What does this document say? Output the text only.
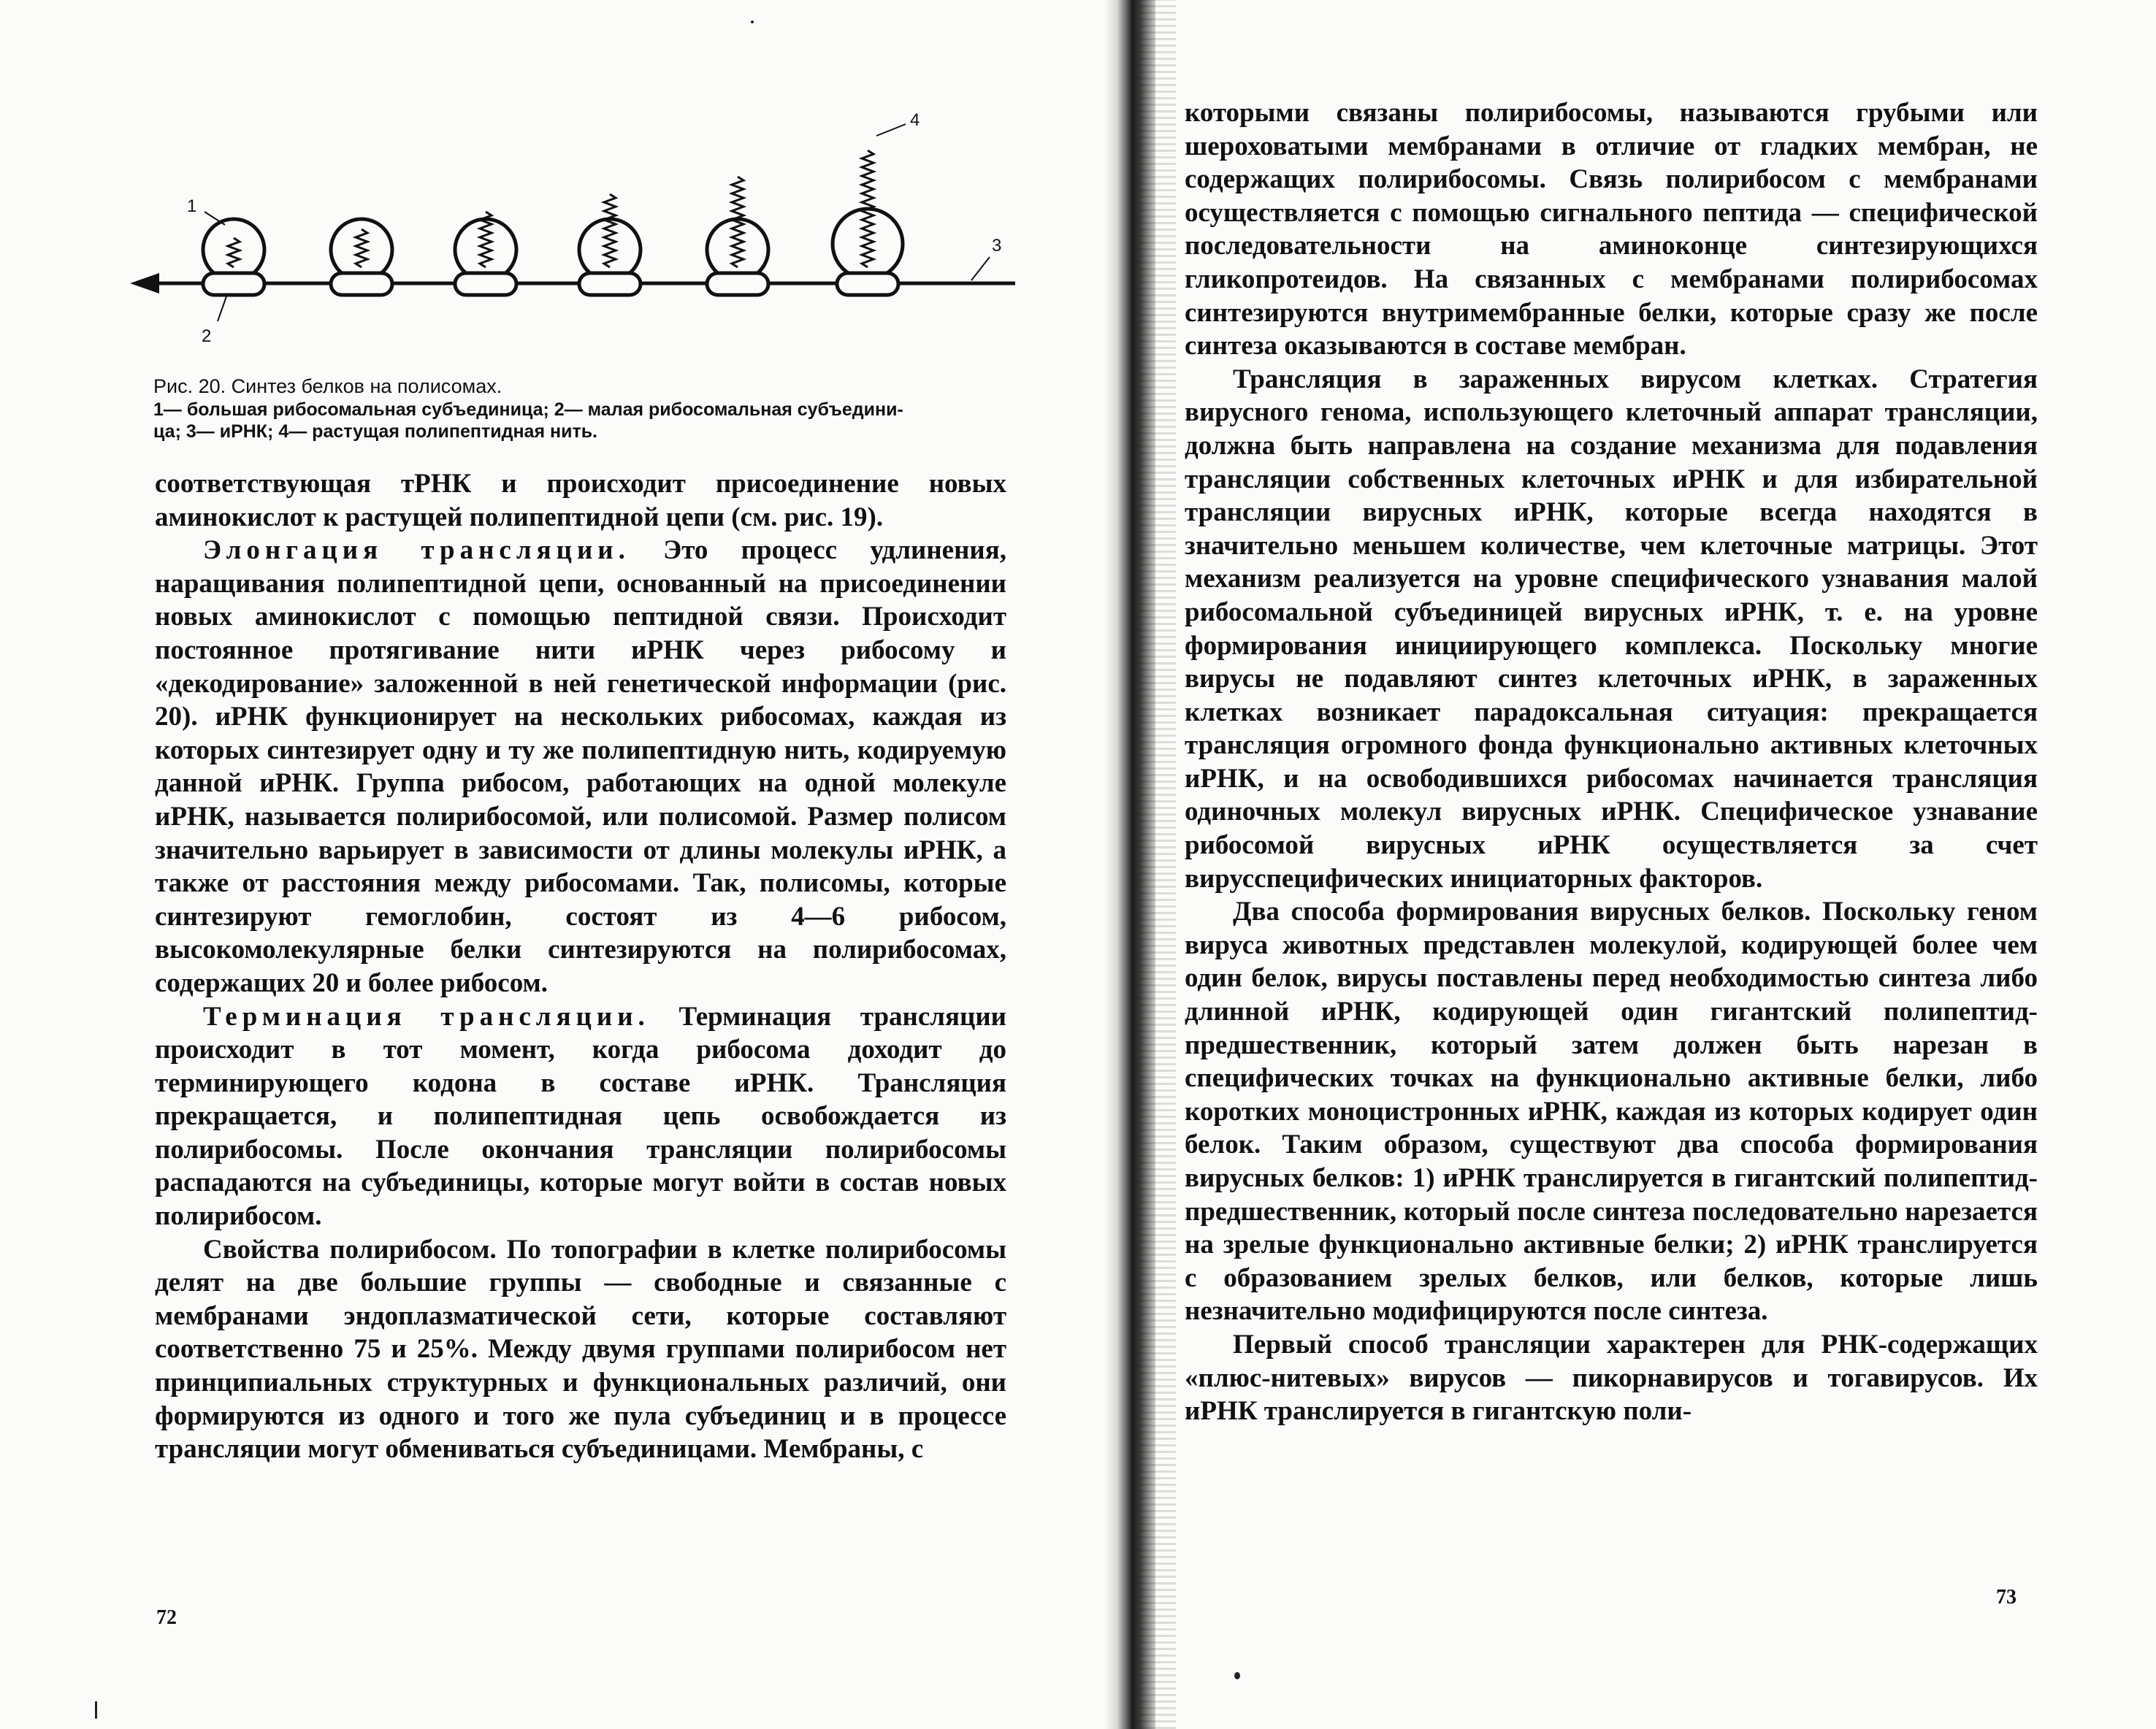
1
2
3
4
Рис. 20. Синтез белков на полисомах.
1— большая рибосомальная субъединица; 2— малая рибосомальная субъедини-
ца; 3— иРНК; 4— растущая полипептидная нить.

соответствующая тРНК и происходит присоединение новых аминокислот к растущей полипептидной цепи (см. рис. 19).

Элонгация трансляции. Это процесс удлинения, наращивания полипептидной цепи, основанный на присоединении новых аминокислот с помощью пептидной связи. Происходит постоянное протягивание нити иРНК через рибосому и «декодирование» заложенной в ней генетической информации (рис. 20). иРНК функционирует на нескольких рибосомах, каждая из которых синтезирует одну и ту же полипептидную нить, кодируемую данной иРНК. Группа рибосом, работающих на одной молекуле иРНК, называется полирибосомой, или полисомой. Размер полисом значительно варьирует в зависимости от длины молекулы иРНК, а также от расстояния между рибосомами. Так, полисомы, которые синтезируют гемоглобин, состоят из 4—6 рибосом, высокомолекулярные белки синтезируются на полирибосомах, содержащих 20 и более рибосом.

Терминация трансляции. Терминация трансляции происходит в тот момент, когда рибосома доходит до терминирующего кодона в составе иРНК. Трансляция прекращается, и полипептидная цепь освобождается из полирибосомы. После окончания трансляции полирибосомы распадаются на субъединицы, которые могут войти в состав новых полирибосом.

Свойства полирибосом. По топографии в клетке полирибосомы делят на две большие группы — свободные и связанные с мембранами эндоплазматической сети, которые составляют соответственно 75 и 25%. Между двумя группами полирибосом нет принципиальных структурных и функциональных различий, они формируются из одного и того же пула субъединиц и в процессе трансляции могут обмениваться субъединицами. Мембраны, с

72

которыми связаны полирибосомы, называются грубыми или шероховатыми мембранами в отличие от гладких мембран, не содержащих полирибосомы. Связь полирибосом с мембранами осуществляется с помощью сигнального пептида — специфической последовательности на аминоконце синтезирующихся гликопротеидов. На связанных с мембранами полирибосомах синтезируются внутримембранные белки, которые сразу же после синтеза оказываются в составе мембран.

Трансляция в зараженных вирусом клетках. Стратегия вирусного генома, использующего клеточный аппарат трансляции, должна быть направлена на создание механизма для подавления трансляции собственных клеточных иРНК и для избирательной трансляции вирусных иРНК, которые всегда находятся в значительно меньшем количестве, чем клеточные матрицы. Этот механизм реализуется на уровне специфического узнавания малой рибосомальной субъединицей вирусных иРНК, т. е. на уровне формирования инициирующего комплекса. Поскольку многие вирусы не подавляют синтез клеточных иРНК, в зараженных клетках возникает парадоксальная ситуация: прекращается трансляция огромного фонда функционально активных клеточных иРНК, и на освободившихся рибосомах начинается трансляция одиночных молекул вирусных иРНК. Специфическое узнавание рибосомой вирусных иРНК осуществляется за счет вирусспецифических инициаторных факторов.

Два способа формирования вирусных белков. Поскольку геном вируса животных представлен молекулой, кодирующей более чем один белок, вирусы поставлены перед необходимостью синтеза либо длинной иРНК, кодирующей один гигантский полипептид-предшественник, который затем должен быть нарезан в специфических точках на функционально активные белки, либо коротких моноцистронных иРНК, каждая из которых кодирует один белок. Таким образом, существуют два способа формирования вирусных белков: 1) иРНК транслируется в гигантский полипептид-предшественник, который после синтеза последовательно нарезается на зрелые функционально активные белки; 2) иРНК транслируется с образованием зрелых белков, или белков, которые лишь незначительно модифицируются после синтеза.

Первый способ трансляции характерен для РНК-содержащих «плюс-нитевых» вирусов — пикорнавирусов и тогавирусов. Их иРНК транслируется в гигантскую поли-

73
